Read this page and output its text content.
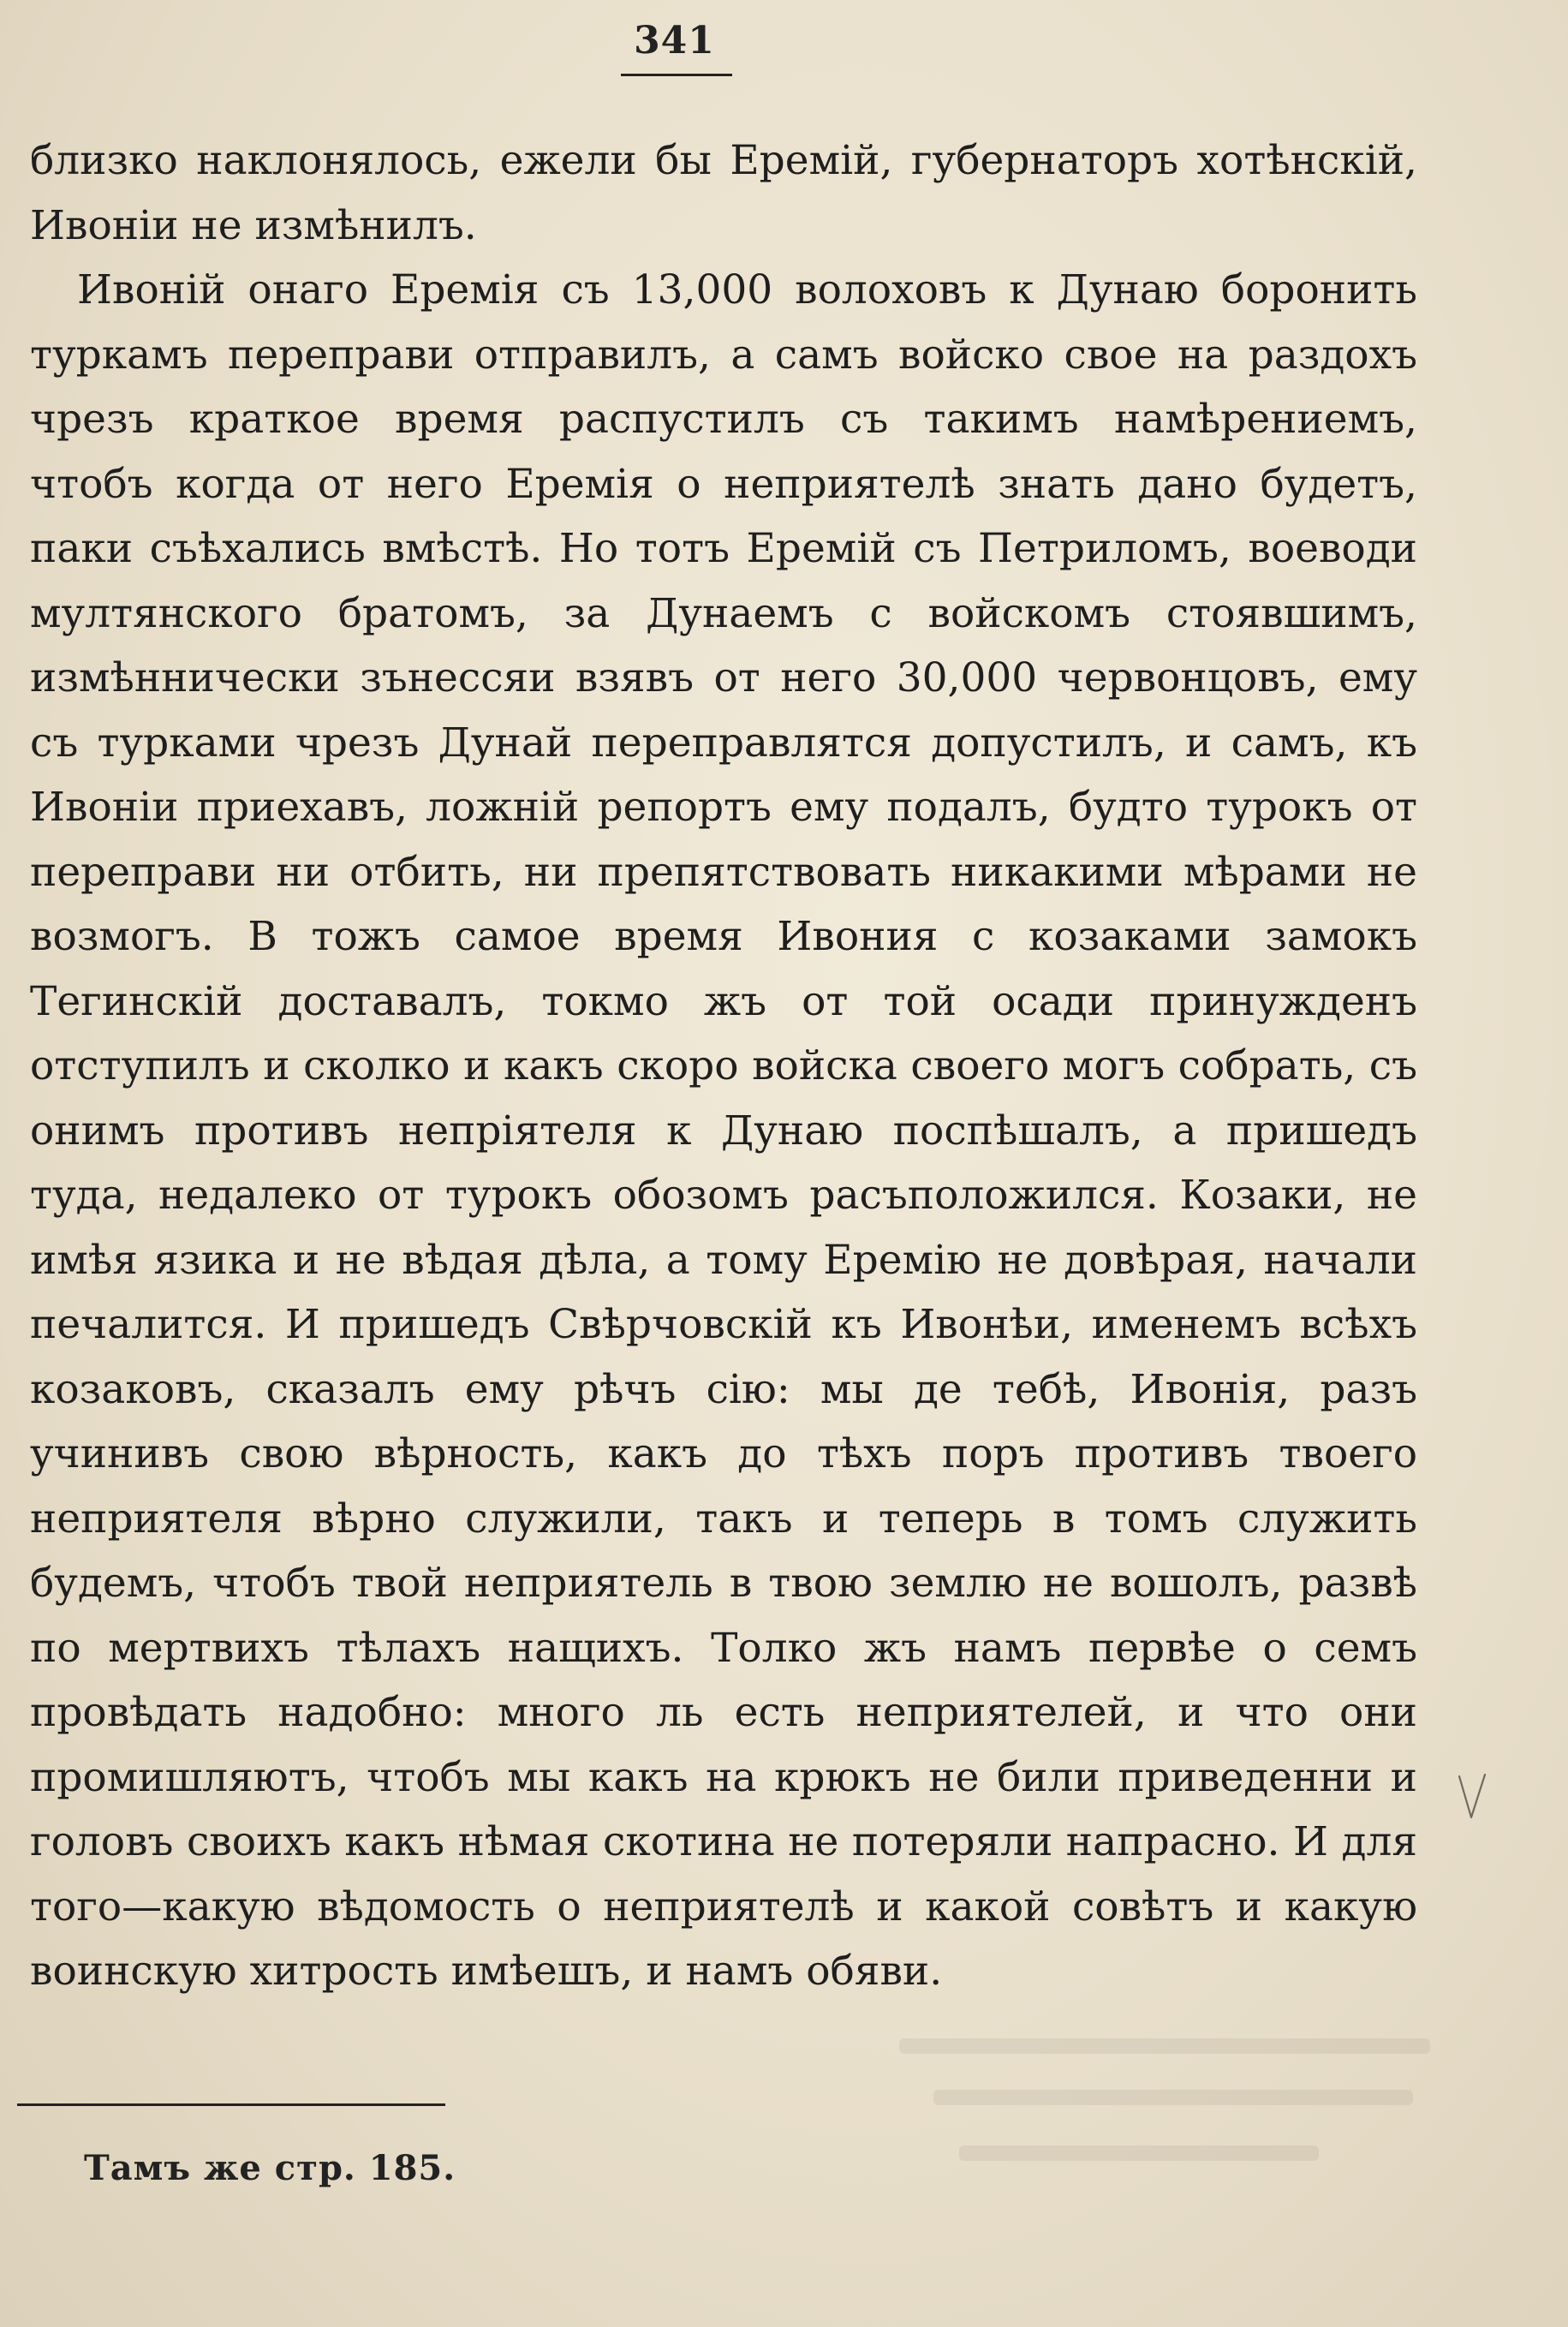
341

близко наклонялось, ежели бы Еремій, губернаторъ хотѣнскій, Ивоніи не измѣнилъ.

Ивоній онаго Еремія съ 13,000 волоховъ к Дунаю боронить туркамъ переправи отправилъ, а самъ войско свое на раздохъ чрезъ краткое время распустилъ съ такимъ намѣрениемъ, чтобъ когда от него Еремія о неприятелѣ знать дано будетъ, паки съѣхались вмѣстѣ. Но тотъ Еремій съ Петриломъ, воеводи мултянского братомъ, за Дунаемъ с войскомъ стоявшимъ, измѣннически зънессяи взявъ от него 30,000 червонцовъ, ему съ турками чрезъ Дунай переправлятся допустилъ, и самъ, къ Ивоніи приехавъ, ложній репортъ ему подалъ, будто турокъ от переправи ни отбить, ни препятствовать никакими мѣрами не возмогъ. В тожъ самое время Ивония с козаками замокъ Тегинскій доставалъ, токмо жъ от той осади принужденъ отступилъ и сколко и какъ скоро войска своего могъ собрать, съ онимъ противъ непріятеля к Дунаю поспѣшалъ, а пришедъ туда, недалеко от турокъ обозомъ расъположился. Козаки, не имѣя язика и не вѣдая дѣла, а тому Еремію не довѣрая, начали печалится. И пришедъ Свѣрчовскій къ Ивонѣи, именемъ всѣхъ козаковъ, сказалъ ему рѣчъ сію: мы де тебѣ, Ивонія, разъ учинивъ свою вѣрность, какъ до тѣхъ поръ противъ твоего неприятеля вѣрно служили, такъ и теперь в томъ служить будемъ, чтобъ твой неприятель в твою землю не вошолъ, развѣ по мертвихъ тѣлахъ нащихъ. Толко жъ намъ первѣе о семъ провѣдать надобно: много ль есть неприятелей, и что они промишляютъ, чтобъ мы какъ на крюкъ не били приведенни и головъ своихъ какъ нѣмая скотина не потеряли напрасно. И для того—какую вѣдомость о неприятелѣ и какой совѣтъ и какую воинскую хитрость имѣешъ, и намъ обяви.

Тамъ же стр. 185.
